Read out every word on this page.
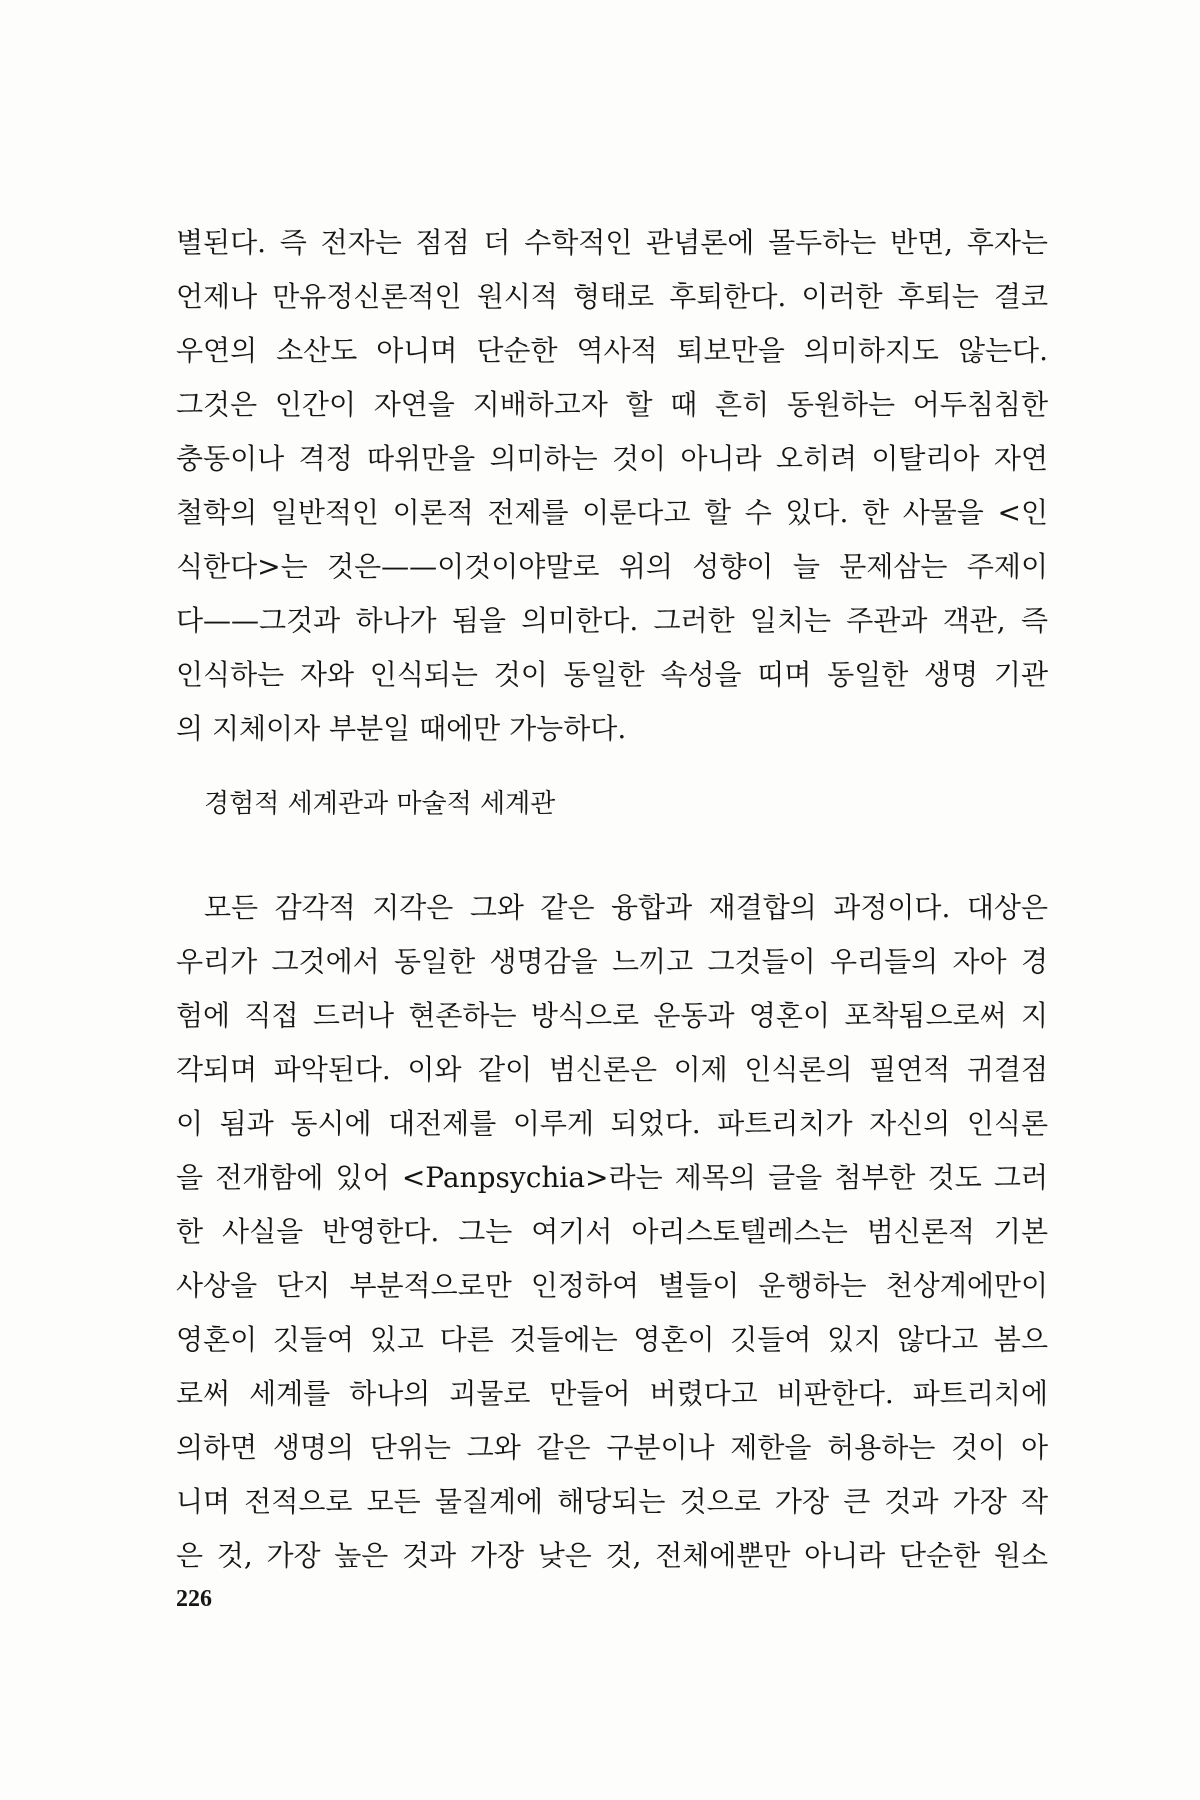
별된다. 즉 전자는 점점 더 수학적인 관념론에 몰두하는 반면, 후자는
언제나 만유정신론적인 원시적 형태로 후퇴한다. 이러한 후퇴는 결코
우연의 소산도 아니며 단순한 역사적 퇴보만을 의미하지도 않는다.
그것은 인간이 자연을 지배하고자 할 때 흔히 동원하는 어두침침한
충동이나 격정 따위만을 의미하는 것이 아니라 오히려 이탈리아 자연
철학의 일반적인 이론적 전제를 이룬다고 할 수 있다. 한 사물을 <인
식한다>는 것은——이것이야말로 위의 성향이 늘 문제삼는 주제이
다——그것과 하나가 됨을 의미한다. 그러한 일치는 주관과 객관, 즉
인식하는 자와 인식되는 것이 동일한 속성을 띠며 동일한 생명 기관
의 지체이자 부분일 때에만 가능하다.
경험적 세계관과 마술적 세계관
모든 감각적 지각은 그와 같은 융합과 재결합의 과정이다. 대상은
우리가 그것에서 동일한 생명감을 느끼고 그것들이 우리들의 자아 경
험에 직접 드러나 현존하는 방식으로 운동과 영혼이 포착됨으로써 지
각되며 파악된다. 이와 같이 범신론은 이제 인식론의 필연적 귀결점
이 됨과 동시에 대전제를 이루게 되었다. 파트리치가 자신의 인식론
을 전개함에 있어 <Panpsychia>라는 제목의 글을 첨부한 것도 그러
한 사실을 반영한다. 그는 여기서 아리스토텔레스는 범신론적 기본
사상을 단지 부분적으로만 인정하여 별들이 운행하는 천상계에만이
영혼이 깃들여 있고 다른 것들에는 영혼이 깃들여 있지 않다고 봄으
로써 세계를 하나의 괴물로 만들어 버렸다고 비판한다. 파트리치에
의하면 생명의 단위는 그와 같은 구분이나 제한을 허용하는 것이 아
니며 전적으로 모든 물질계에 해당되는 것으로 가장 큰 것과 가장 작
은 것, 가장 높은 것과 가장 낮은 것, 전체에뿐만 아니라 단순한 원소
226
